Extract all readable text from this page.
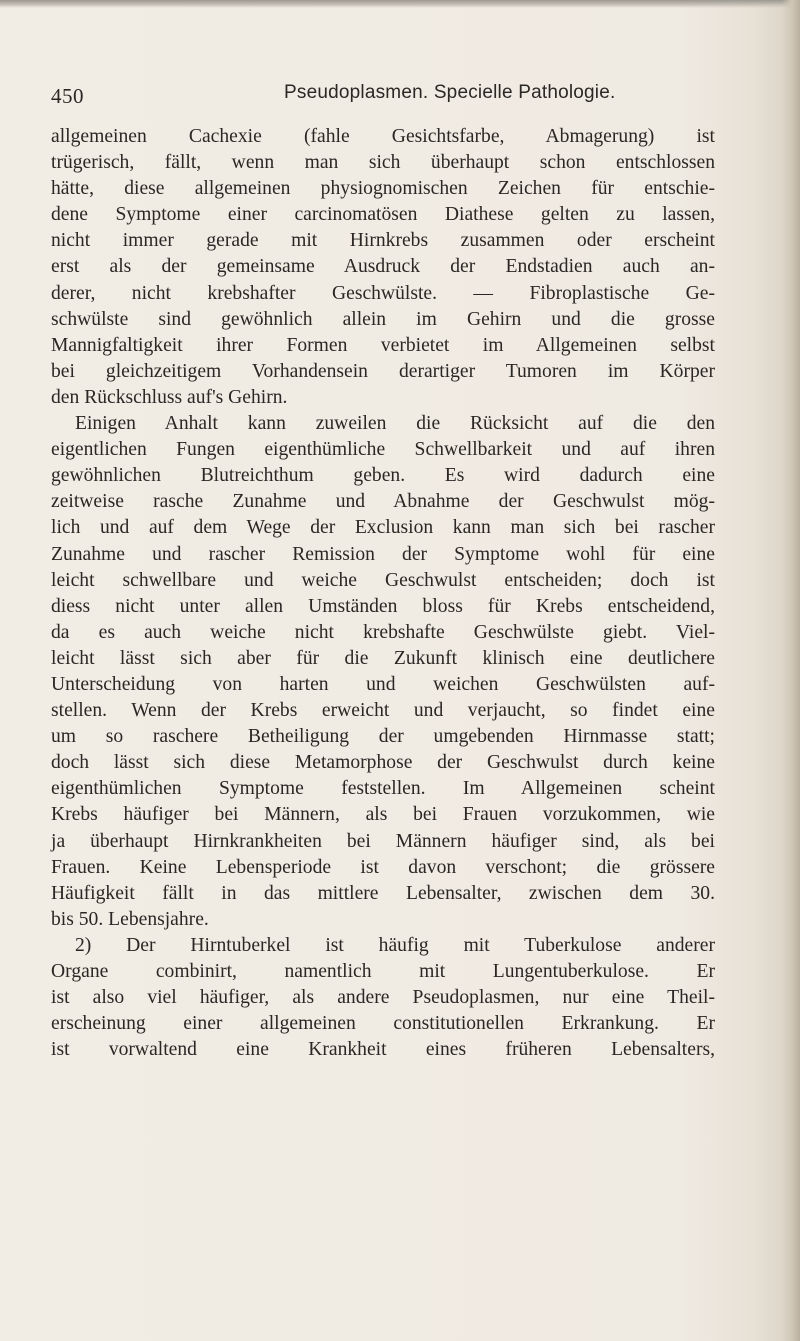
450	Pseudoplasmen. Specielle Pathologie.
allgemeinen Cachexie (fahle Gesichtsfarbe, Abmagerung) ist
trügerisch, fällt, wenn man sich überhaupt schon entschlossen
hätte, diese allgemeinen physiognomischen Zeichen für entschie-
dene Symptome einer carcinomatösen Diathese gelten zu lassen,
nicht immer gerade mit Hirnkrebs zusammen oder erscheint
erst als der gemeinsame Ausdruck der Endstadien auch an-
derer, nicht krebshafter Geschwülste. — Fibroplastische Ge-
schwülste sind gewöhnlich allein im Gehirn und die grosse
Mannigfaltigkeit ihrer Formen verbietet im Allgemeinen selbst
bei gleichzeitigem Vorhandensein derartiger Tumoren im Körper
den Rückschluss auf's Gehirn.
Einigen Anhalt kann zuweilen die Rücksicht auf die den
eigentlichen Fungen eigenthümliche Schwellbarkeit und auf ihren
gewöhnlichen Blutreichthum geben. Es wird dadurch eine
zeitweise rasche Zunahme und Abnahme der Geschwulst mög-
lich und auf dem Wege der Exclusion kann man sich bei rascher
Zunahme und rascher Remission der Symptome wohl für eine
leicht schwellbare und weiche Geschwulst entscheiden; doch ist
diess nicht unter allen Umständen bloss für Krebs entscheidend,
da es auch weiche nicht krebshafte Geschwülste giebt. Viel-
leicht lässt sich aber für die Zukunft klinisch eine deutlichere
Unterscheidung von harten und weichen Geschwülsten auf-
stellen. Wenn der Krebs erweicht und verjaucht, so findet eine
um so raschere Betheiligung der umgebenden Hirnmasse statt;
doch lässt sich diese Metamorphose der Geschwulst durch keine
eigenthümlichen Symptome feststellen. Im Allgemeinen scheint
Krebs häufiger bei Männern, als bei Frauen vorzukommen, wie
ja überhaupt Hirnkrankheiten bei Männern häufiger sind, als bei
Frauen. Keine Lebensperiode ist davon verschont; die grössere
Häufigkeit fällt in das mittlere Lebensalter, zwischen dem 30.
bis 50. Lebensjahre.
2) Der Hirntuberkel ist häufig mit Tuberkulose anderer
Organe combinirt, namentlich mit Lungentuberkulose. Er
ist also viel häufiger, als andere Pseudoplasmen, nur eine Theil-
erscheinung einer allgemeinen constitutionellen Erkrankung. Er
ist vorwaltend eine Krankheit eines früheren Lebensalters,
